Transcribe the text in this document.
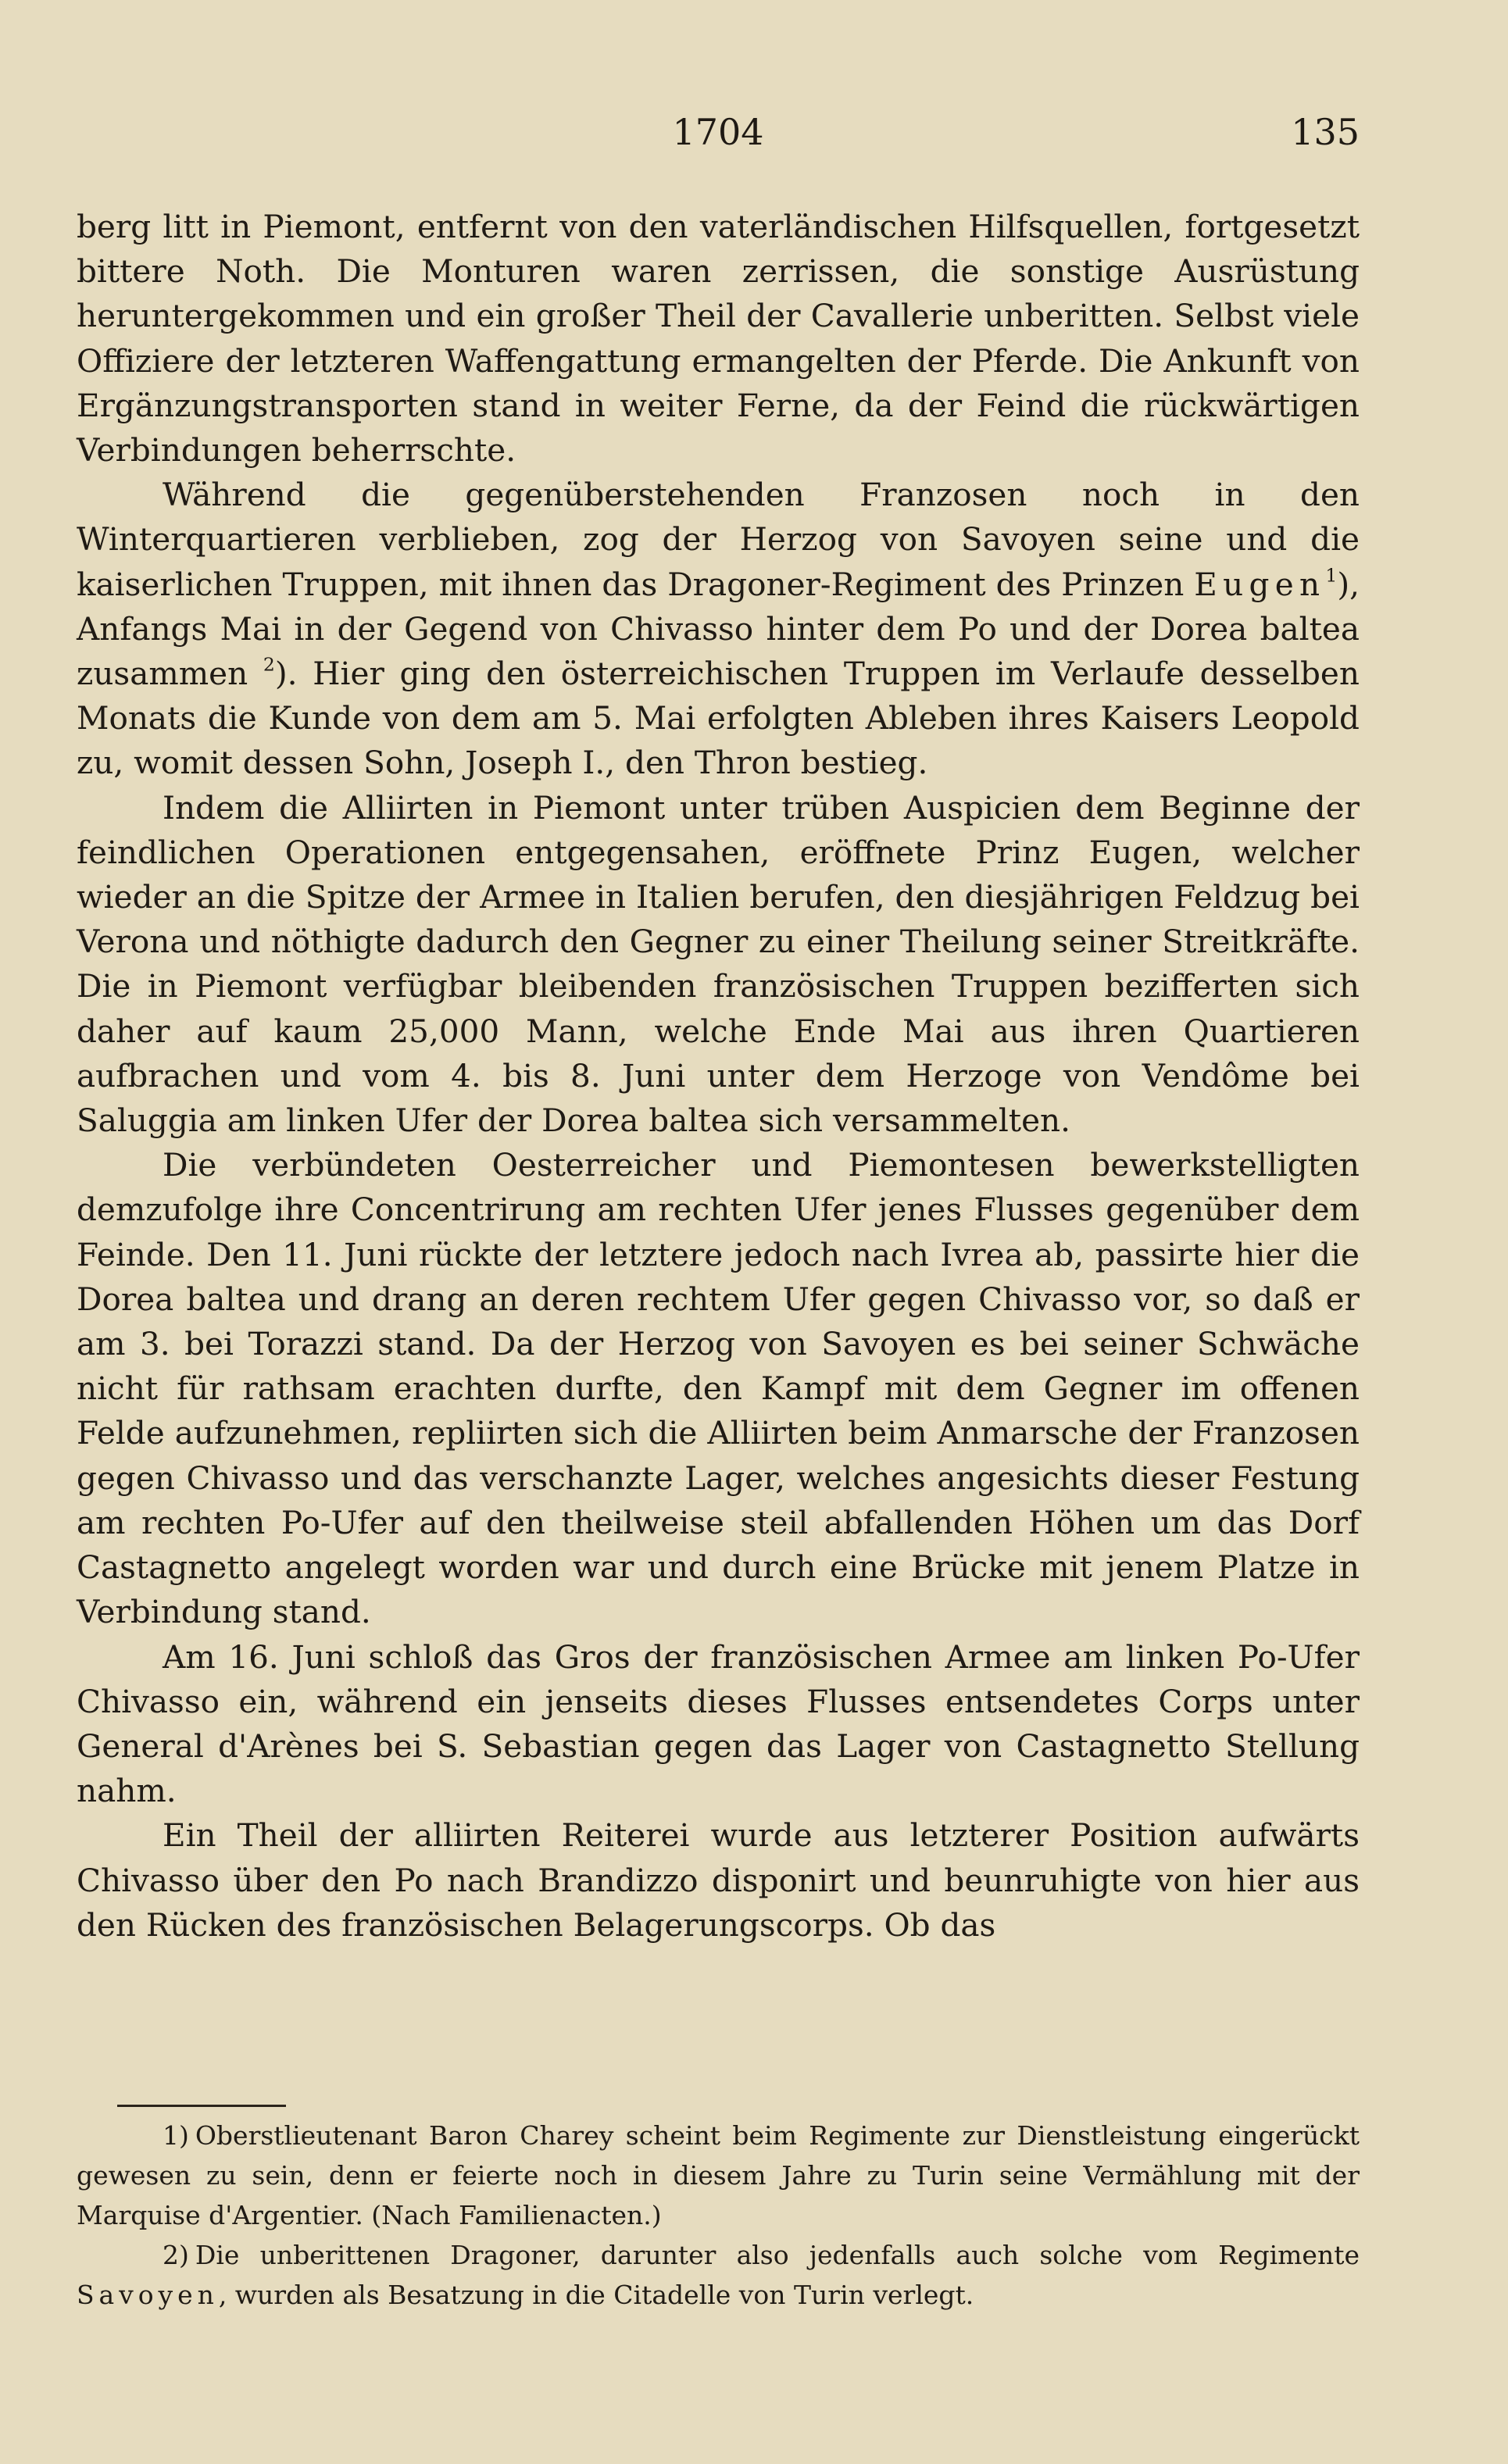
1704	135

berg litt in Piemont, entfernt von den vaterländischen Hilfsquellen, fortgesetzt bittere Noth. Die Monturen waren zerrissen, die sonstige Ausrüstung heruntergekommen und ein großer Theil der Cavallerie unberitten. Selbst viele Offiziere der letzteren Waffengattung ermangelten der Pferde. Die Ankunft von Ergänzungstransporten stand in weiter Ferne, da der Feind die rückwärtigen Verbindungen beherrschte.

Während die gegenüberstehenden Franzosen noch in den Winterquartieren verblieben, zog der Herzog von Savoyen seine und die kaiserlichen Truppen, mit ihnen das Dragoner-Regiment des Prinzen Eugen$^1$), Anfangs Mai in der Gegend von Chivasso hinter dem Po und der Dorea baltea zusammen $^2$). Hier ging den österreichischen Truppen im Verlaufe desselben Monats die Kunde von dem am 5. Mai erfolgten Ableben ihres Kaisers Leopold zu, womit dessen Sohn, Joseph I., den Thron bestieg.

Indem die Alliirten in Piemont unter trüben Auspicien dem Beginne der feindlichen Operationen entgegensahen, eröffnete Prinz Eugen, welcher wieder an die Spitze der Armee in Italien berufen, den diesjährigen Feldzug bei Verona und nöthigte dadurch den Gegner zu einer Theilung seiner Streitkräfte. Die in Piemont verfügbar bleibenden französischen Truppen bezifferten sich daher auf kaum 25,000 Mann, welche Ende Mai aus ihren Quartieren aufbrachen und vom 4. bis 8. Juni unter dem Herzoge von Vendôme bei Saluggia am linken Ufer der Dorea baltea sich versammelten.

Die verbündeten Oesterreicher und Piemontesen bewerkstelligten demzufolge ihre Concentrirung am rechten Ufer jenes Flusses gegenüber dem Feinde. Den 11. Juni rückte der letztere jedoch nach Ivrea ab, passirte hier die Dorea baltea und drang an deren rechtem Ufer gegen Chivasso vor, so daß er am 3. bei Torazzi stand. Da der Herzog von Savoyen es bei seiner Schwäche nicht für rathsam erachten durfte, den Kampf mit dem Gegner im offenen Felde aufzunehmen, repliirten sich die Alliirten beim Anmarsche der Franzosen gegen Chivasso und das verschanzte Lager, welches angesichts dieser Festung am rechten Po-Ufer auf den theilweise steil abfallenden Höhen um das Dorf Castagnetto angelegt worden war und durch eine Brücke mit jenem Platze in Verbindung stand.

Am 16. Juni schloß das Gros der französischen Armee am linken Po-Ufer Chivasso ein, während ein jenseits dieses Flusses entsendetes Corps unter General d'Arènes bei S. Sebastian gegen das Lager von Castagnetto Stellung nahm.

Ein Theil der alliirten Reiterei wurde aus letzterer Position aufwärts Chivasso über den Po nach Brandizzo disponirt und beunruhigte von hier aus den Rücken des französischen Belagerungscorps. Ob das

1) Oberstlieutenant Baron Charey scheint beim Regimente zur Dienstleistung eingerückt gewesen zu sein, denn er feierte noch in diesem Jahre zu Turin seine Vermählung mit der Marquise d'Argentier. (Nach Familienacten.)

2) Die unberittenen Dragoner, darunter also jedenfalls auch solche vom Regimente Savoyen, wurden als Besatzung in die Citadelle von Turin verlegt.
